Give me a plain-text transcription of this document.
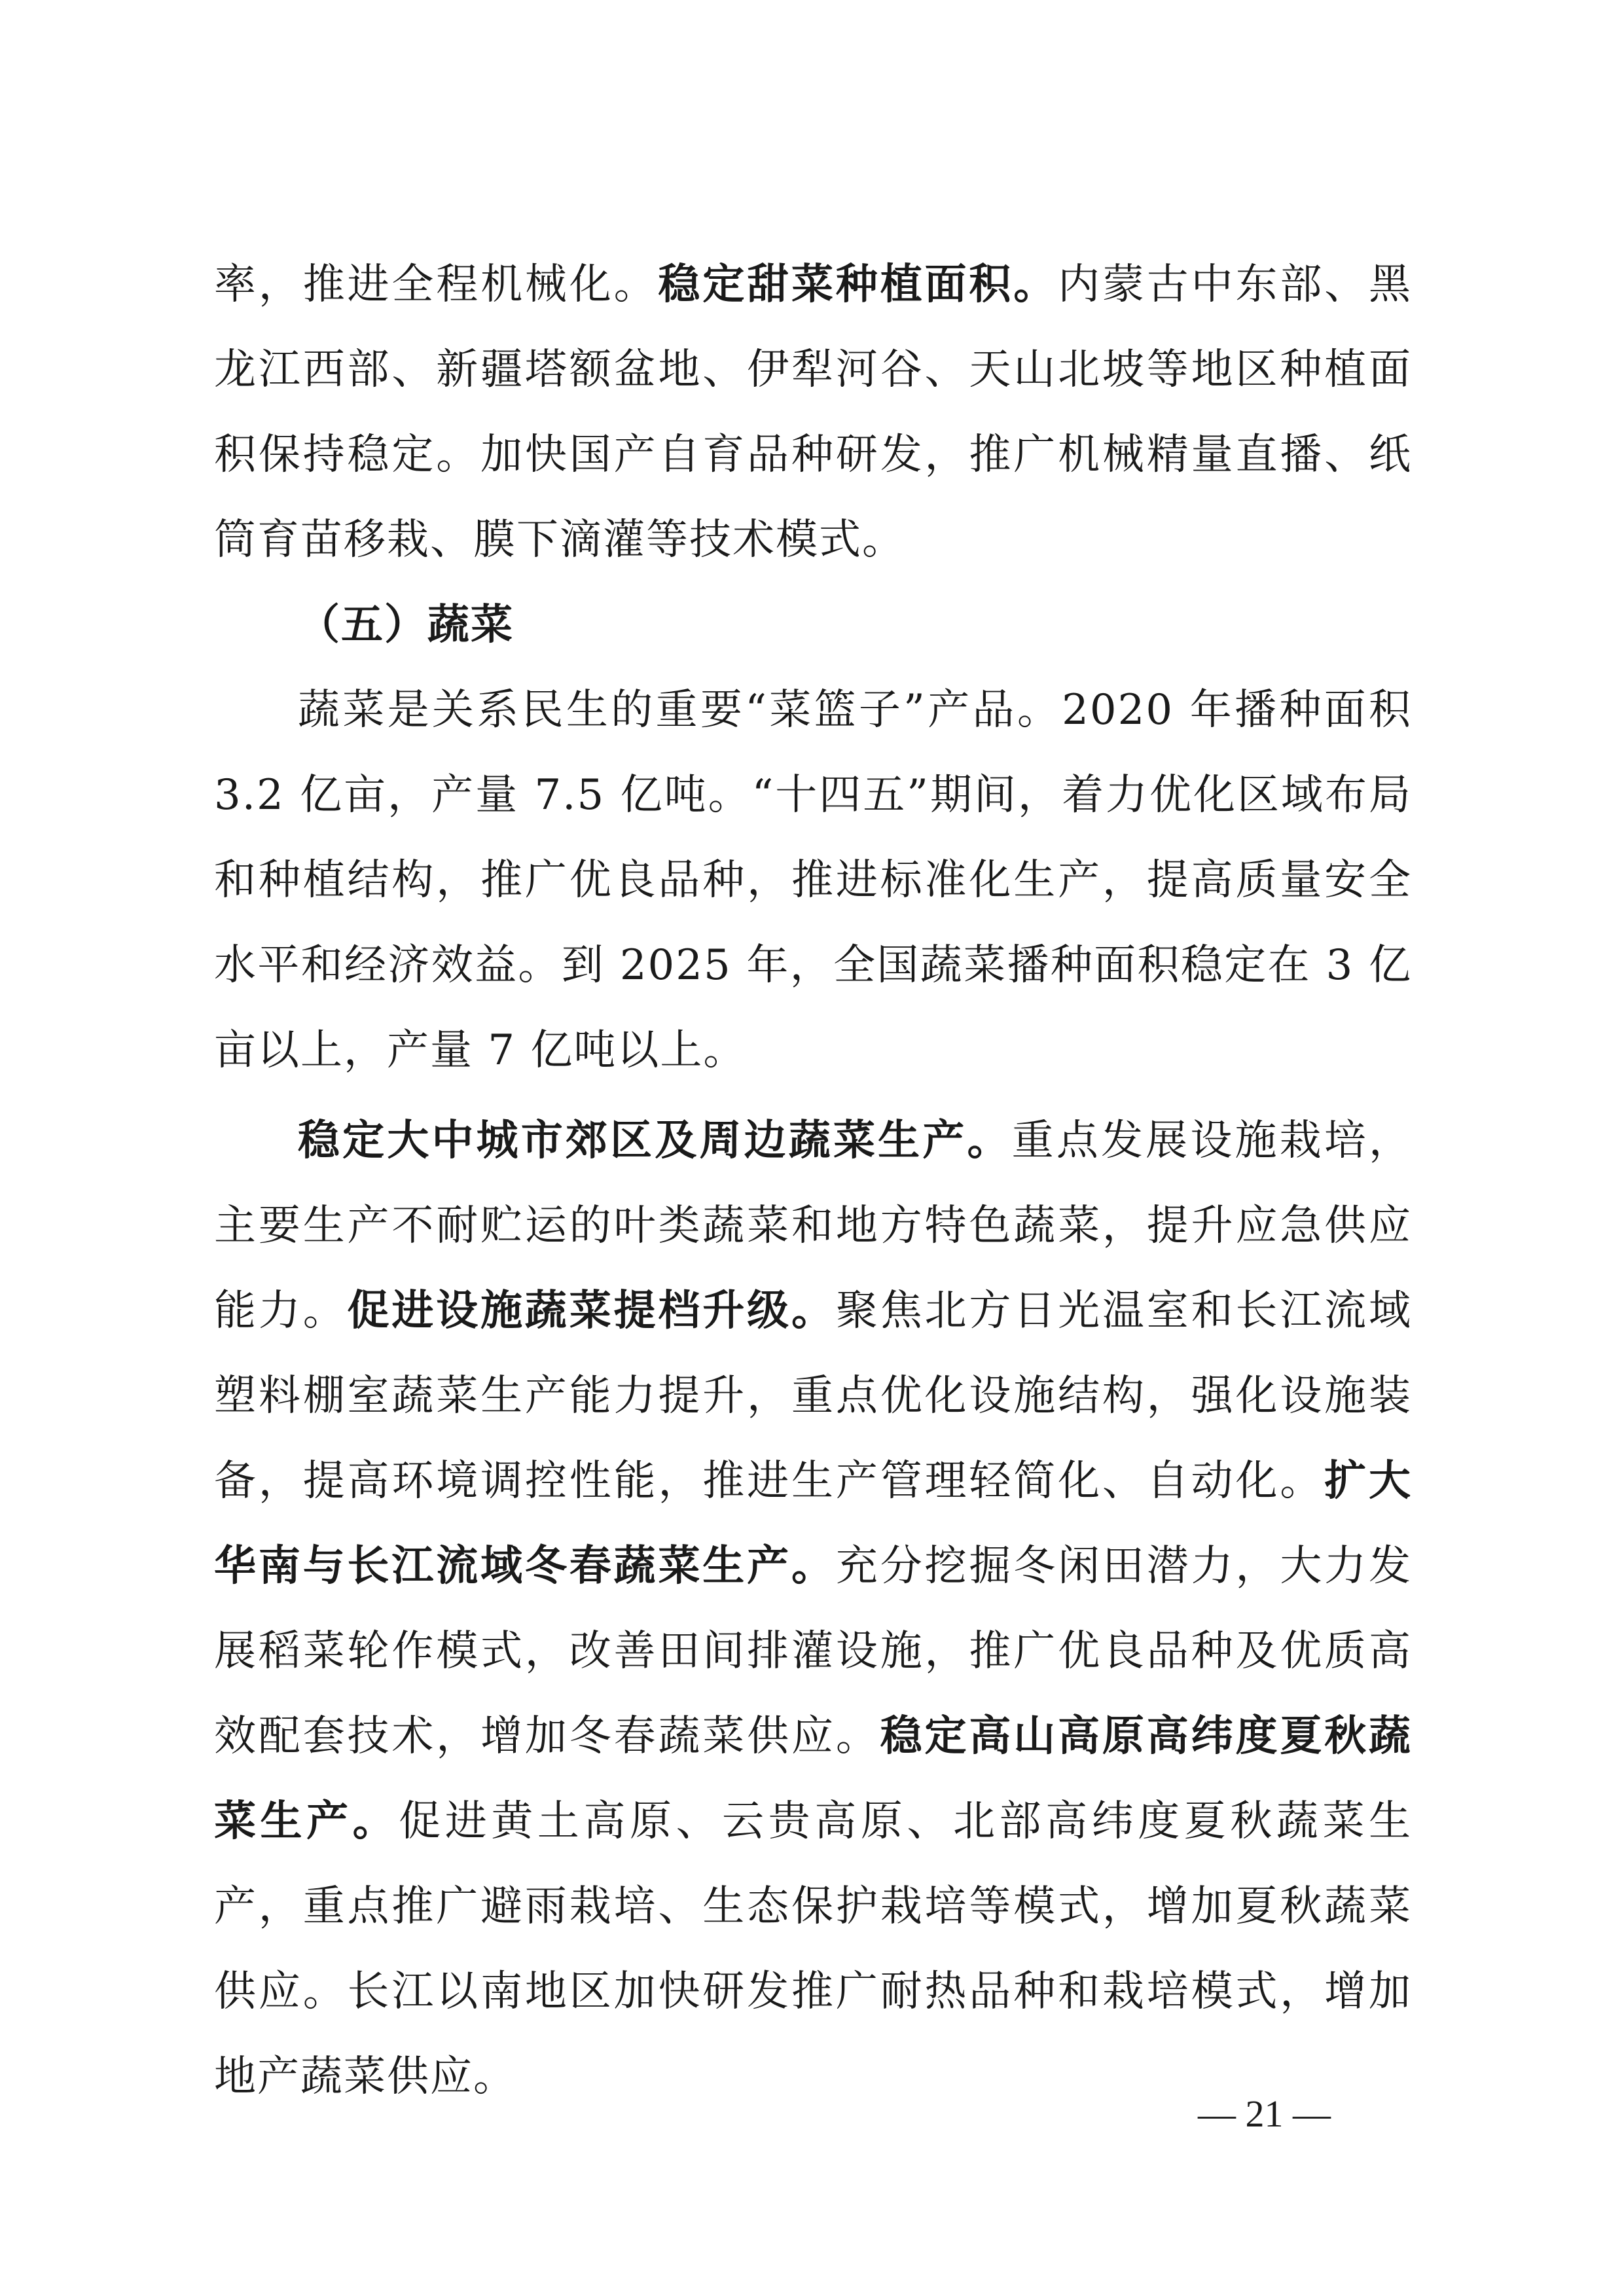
率，推进全程机械化。稳定甜菜种植面积。内蒙古中东部、黑龙江西部、新疆塔额盆地、伊犁河谷、天山北坡等地区种植面积保持稳定。加快国产自育品种研发，推广机械精量直播、纸筒育苗移栽、膜下滴灌等技术模式。

（五）蔬菜

蔬菜是关系民生的重要“菜篮子”产品。2020 年播种面积 3.2 亿亩，产量 7.5 亿吨。“十四五”期间，着力优化区域布局和种植结构，推广优良品种，推进标准化生产，提高质量安全水平和经济效益。到 2025 年，全国蔬菜播种面积稳定在 3 亿亩以上，产量 7 亿吨以上。

稳定大中城市郊区及周边蔬菜生产。重点发展设施栽培，主要生产不耐贮运的叶类蔬菜和地方特色蔬菜，提升应急供应能力。促进设施蔬菜提档升级。聚焦北方日光温室和长江流域塑料棚室蔬菜生产能力提升，重点优化设施结构，强化设施装备，提高环境调控性能，推进生产管理轻简化、自动化。扩大华南与长江流域冬春蔬菜生产。充分挖掘冬闲田潜力，大力发展稻菜轮作模式，改善田间排灌设施，推广优良品种及优质高效配套技术，增加冬春蔬菜供应。稳定高山高原高纬度夏秋蔬菜生产。促进黄土高原、云贵高原、北部高纬度夏秋蔬菜生产，重点推广避雨栽培、生态保护栽培等模式，增加夏秋蔬菜供应。长江以南地区加快研发推广耐热品种和栽培模式，增加地产蔬菜供应。

— 21 —
